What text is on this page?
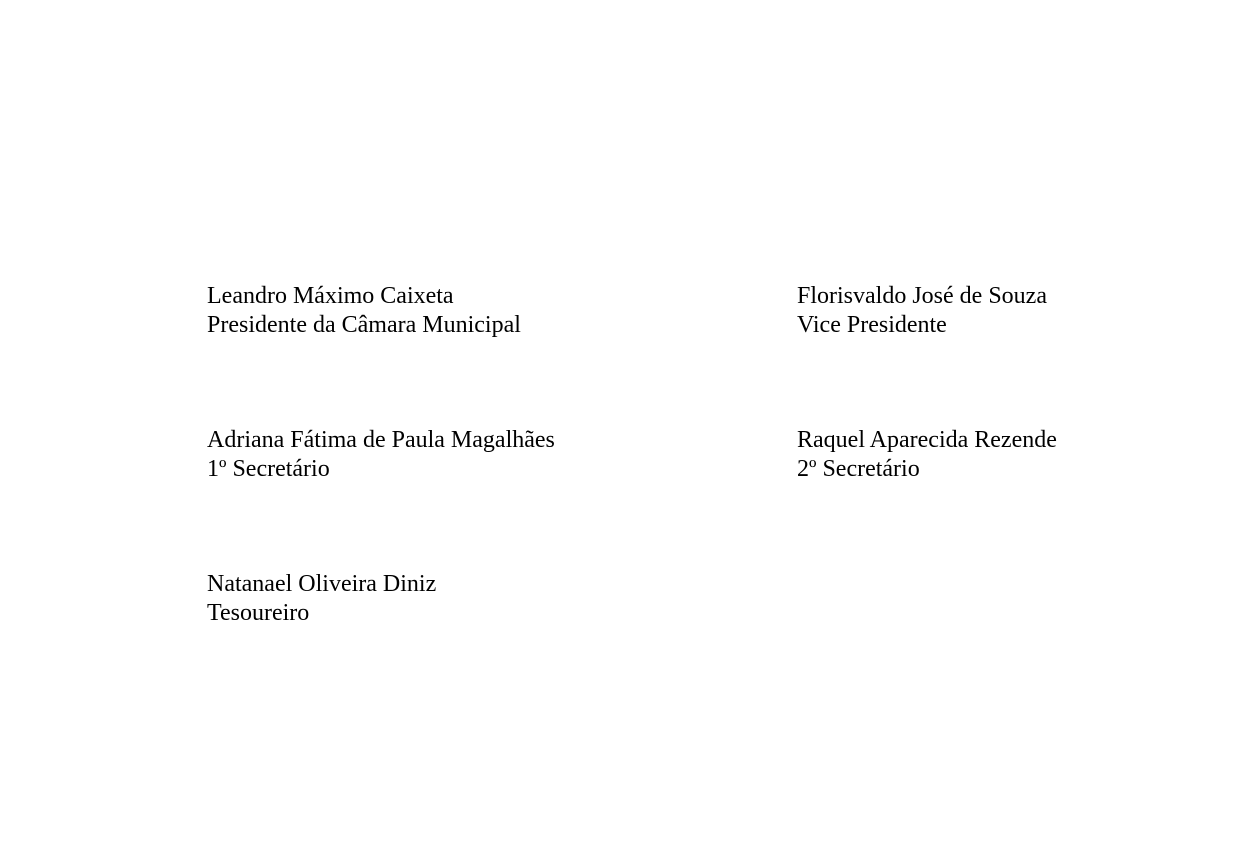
Leandro Máximo Caixeta
Presidente da Câmara Municipal
Florisvaldo José de Souza
Vice Presidente
Adriana Fátima de Paula Magalhães
1º Secretário
Raquel Aparecida Rezende
2º Secretário
Natanael Oliveira Diniz
Tesoureiro
